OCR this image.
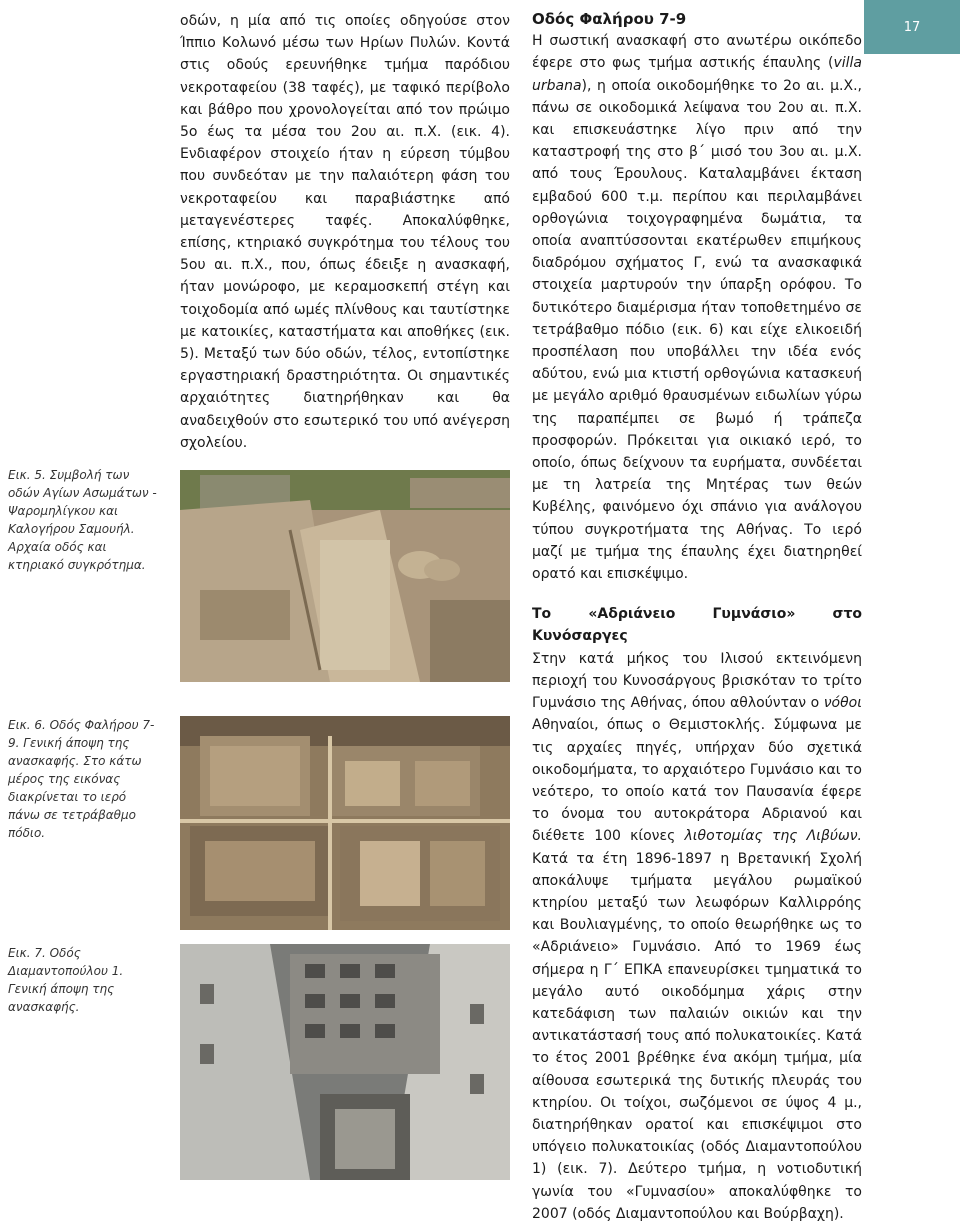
17
Εικ. 5. Συμβολή των οδών Αγίων Ασωμάτων - Ψαρομηλίγκου και Καλογήρου Σαμουήλ. Αρχαία οδός και κτηριακό συγκρότημα.
Εικ. 6. Οδός Φαλήρου 7-9. Γενική άποψη της ανασκαφής. Στο κάτω μέρος της εικόνας διακρίνεται το ιερό πάνω σε τετράβαθμο πόδιο.
Εικ. 7. Οδός Διαμαντοπούλου 1. Γενική άποψη της ανασκαφής.

οδών, η μία από τις οποίες οδηγούσε στον Ίππιο Κολωνό μέσω των Ηρίων Πυλών. Κοντά στις οδούς ερευνήθηκε τμήμα παρόδιου νεκροταφείου (38 ταφές), με ταφικό περίβολο και βάθρο που χρονολογείται από τον πρώιμο 5ο έως τα μέσα του 2ου αι. π.Χ. (εικ. 4). Ενδιαφέρον στοιχείο ήταν η εύρεση τύμβου που συνδεόταν με την παλαιότερη φάση του νεκροταφείου και παραβιάστηκε από μεταγενέστερες ταφές. Αποκαλύφθηκε, επίσης, κτηριακό συγκρότημα του τέλους του 5ου αι. π.Χ., που, όπως έδειξε η ανασκαφή, ήταν μονώροφο, με κεραμοσκεπή στέγη και τοιχοδομία από ωμές πλίνθους και ταυτίστηκε με κατοικίες, καταστήματα και αποθήκες (εικ. 5). Μεταξύ των δύο οδών, τέλος, εντοπίστηκε εργαστηριακή δραστηριότητα. Οι σημαντικές αρχαιότητες διατηρήθηκαν και θα αναδειχθούν στο εσωτερικό του υπό ανέγερση σχολείου.

Οδός Φαλήρου 7-9

Η σωστική ανασκαφή στο ανωτέρω οικόπεδο έφερε στο φως τμήμα αστικής έπαυλης (villa urbana), η οποία οικοδομήθηκε το 2ο αι. μ.Χ., πάνω σε οικοδομικά λείψανα του 2ου αι. π.Χ. και επισκευάστηκε λίγο πριν από την καταστροφή της στο β΄ μισό του 3ου αι. μ.Χ. από τους Έρουλους. Καταλαμβάνει έκταση εμβαδού 600 τ.μ. περίπου και περιλαμβάνει ορθογώνια τοιχογραφημένα δωμάτια, τα οποία αναπτύσσονται εκατέρωθεν επιμήκους διαδρόμου σχήματος Γ, ενώ τα ανασκαφικά στοιχεία μαρτυρούν την ύπαρξη ορόφου. Το δυτικότερο διαμέρισμα ήταν τοποθετημένο σε τετράβαθμο πόδιο (εικ. 6) και είχε ελικοειδή προσπέλαση που υποβάλλει την ιδέα ενός αδύτου, ενώ μια κτιστή ορθογώνια κατασκευή με μεγάλο αριθμό θραυσμένων ειδωλίων γύρω της παραπέμπει σε βωμό ή τράπεζα προσφορών. Πρόκειται για οικιακό ιερό, το οποίο, όπως δείχνουν τα ευρήματα, συνδέεται με τη λατρεία της Μητέρας των θεών Κυβέλης, φαινόμενο όχι σπάνιο για ανάλογου τύπου συγκροτήματα της Αθήνας. Το ιερό μαζί με τμήμα της έπαυλης έχει διατηρηθεί ορατό και επισκέψιμο.

Το «Αδριάνειο Γυμνάσιο» στο Κυνόσαργες

Στην κατά μήκος του Ιλισού εκτεινόμενη περιοχή του Κυνοσάργους βρισκόταν το τρίτο Γυμνάσιο της Αθήνας, όπου αθλούνταν ο νόθοι Αθηναίοι, όπως ο Θεμιστοκλής. Σύμφωνα με τις αρχαίες πηγές, υπήρχαν δύο σχετικά οικοδομήματα, το αρχαιότερο Γυμνάσιο και το νεότερο, το οποίο κατά τον Παυσανία έφερε το όνομα του αυτοκράτορα Αδριανού και διέθετε 100 κίονες λιθοτομίας της Λιβύων. Κατά τα έτη 1896-1897 η Βρετανική Σχολή αποκάλυψε τμήματα μεγάλου ρωμαϊκού κτηρίου μεταξύ των λεωφόρων Καλλιρρόης και Βουλιαγμένης, το οποίο θεωρήθηκε ως το «Αδριάνειο» Γυμνάσιο. Από το 1969 έως σήμερα η Γ΄ ΕΠΚΑ επανευρίσκει τμηματικά το μεγάλο αυτό οικοδόμημα χάρις στην κατεδάφιση των παλαιών οικιών και την αντικατάστασή τους από πολυκατοικίες. Κατά το έτος 2001 βρέθηκε ένα ακόμη τμήμα, μία αίθουσα εσωτερικά της δυτικής πλευράς του κτηρίου. Οι τοίχοι, σωζόμενοι σε ύψος 4 μ., διατηρήθηκαν ορατοί και επισκέψιμοι στο υπόγειο πολυκατοικίας (οδός Διαμαντοπούλου 1) (εικ. 7). Δεύτερο τμήμα, η νοτιοδυτική γωνία του «Γυμνασίου» αποκαλύφθηκε το 2007 (οδός Διαμαντοπούλου και Βούρβαχη).
